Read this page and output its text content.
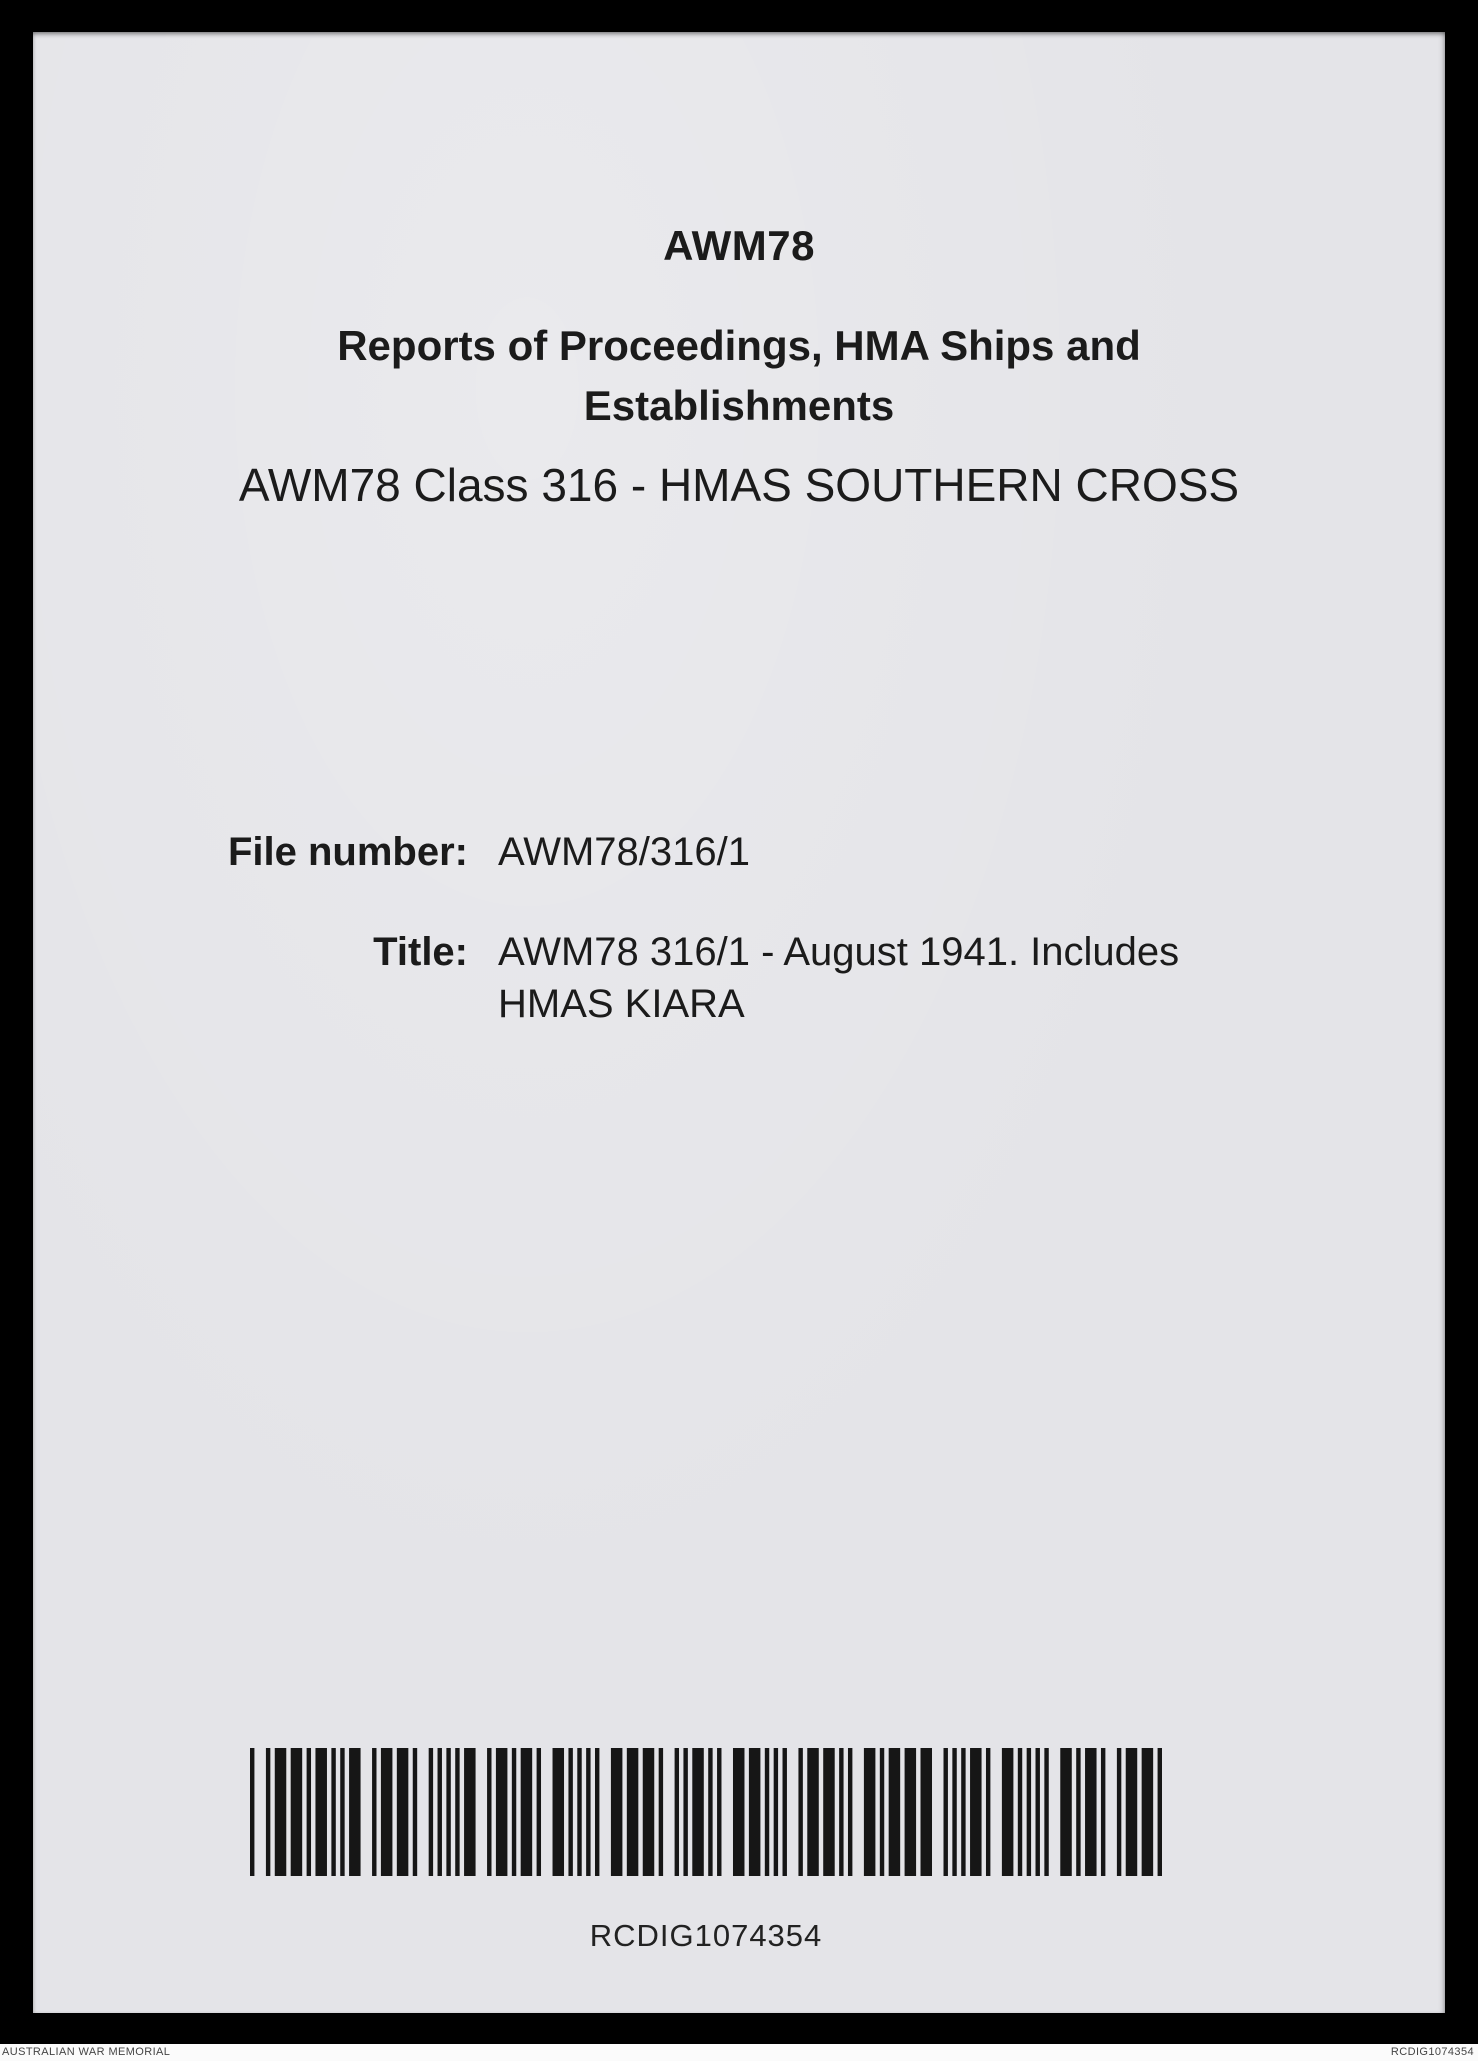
AWM78
Reports of Proceedings, HMA Ships and
Establishments
AWM78 Class 316 - HMAS SOUTHERN CROSS
File number: AWM78/316/1
Title: AWM78 316/1 - August 1941. Includes HMAS KIARA
RCDIG1074354
AUSTRALIAN WAR MEMORIAL	RCDIG1074354
